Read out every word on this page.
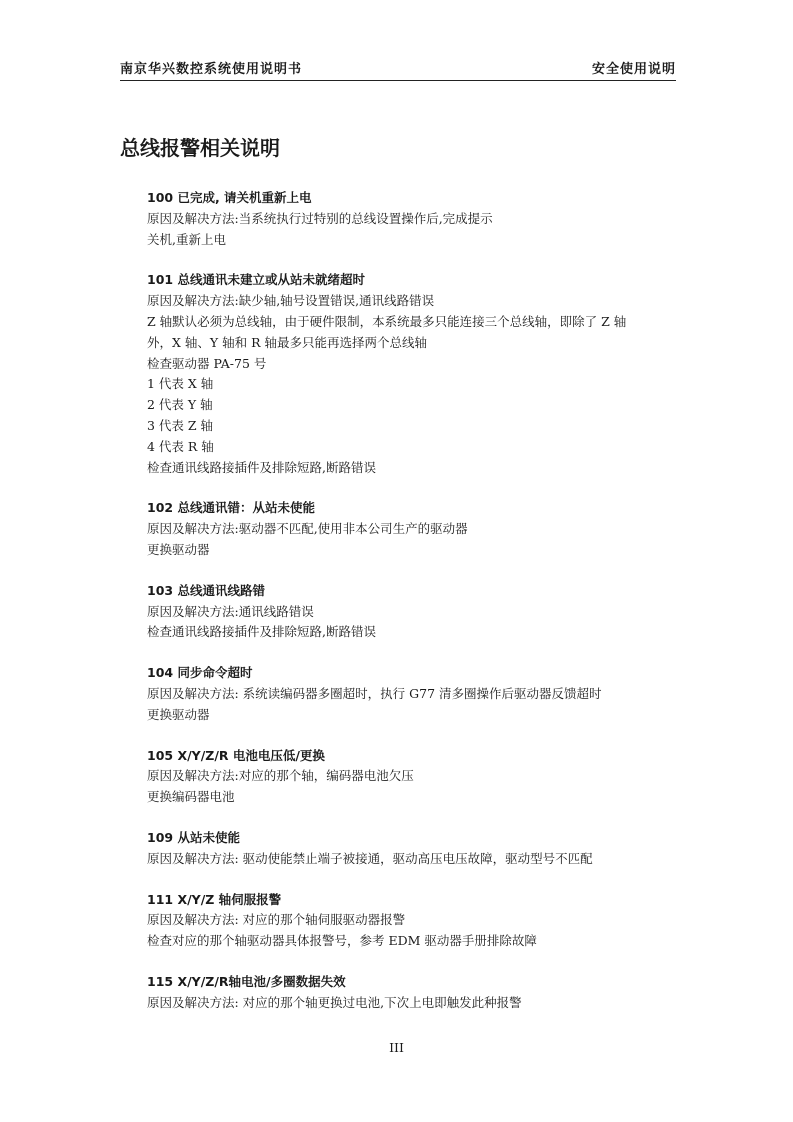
南京华兴数控系统使用说明书	安全使用说明
总线报警相关说明

100 已完成, 请关机重新上电

原因及解决方法:当系统执行过特别的总线设置操作后,完成提示

关机,重新上电

101 总线通讯未建立或从站未就绪超时

原因及解决方法:缺少轴,轴号设置错误,通讯线路错误

Z 轴默认必须为总线轴，由于硬件限制，本系统最多只能连接三个总线轴，即除了 Z 轴

外，X 轴、Y 轴和 R 轴最多只能再选择两个总线轴

检查驱动器 PA-75 号

1 代表 X 轴

2 代表 Y 轴

3 代表 Z 轴

4 代表 R 轴

检查通讯线路接插件及排除短路,断路错误

102 总线通讯错：从站未使能

原因及解决方法:驱动器不匹配,使用非本公司生产的驱动器

更换驱动器

103 总线通讯线路错

原因及解决方法:通讯线路错误

检查通讯线路接插件及排除短路,断路错误

104 同步命令超时

原因及解决方法: 系统读编码器多圈超时，执行 G77 清多圈操作后驱动器反馈超时

更换驱动器

105 X/Y/Z/R 电池电压低/更换

原因及解决方法:对应的那个轴，编码器电池欠压

更换编码器电池

109 从站未使能

原因及解决方法: 驱动使能禁止端子被接通，驱动高压电压故障，驱动型号不匹配

111 X/Y/Z 轴伺服报警

原因及解决方法: 对应的那个轴伺服驱动器报警

检查对应的那个轴驱动器具体报警号，参考 EDM 驱动器手册排除故障

115 X/Y/Z/R轴电池/多圈数据失效

原因及解决方法: 对应的那个轴更换过电池,下次上电即触发此种报警

III
